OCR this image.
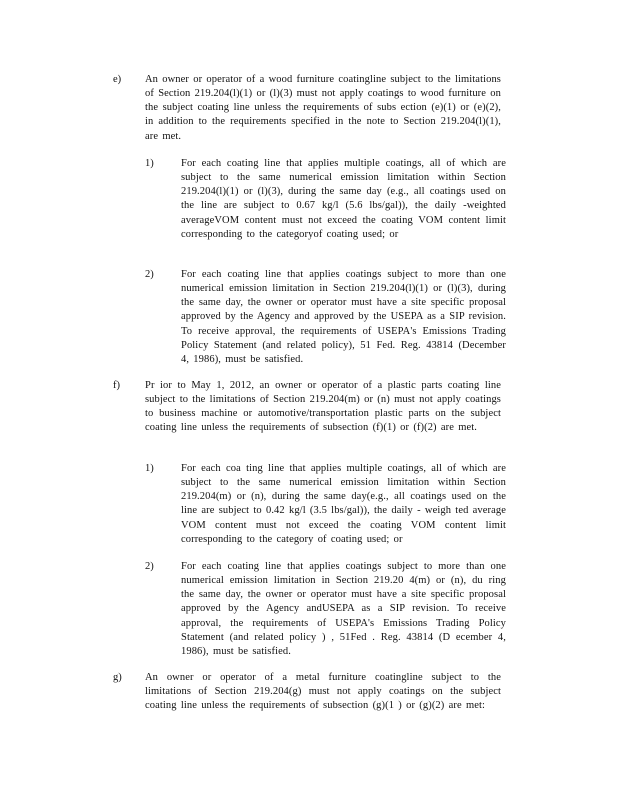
e) An owner or operator of a wood furniture coatingline subject to the limitations of Section 219.204(l)(1) or (l)(3) must not apply coatings to wood furniture on the subject coating line unless the requirements of subs ection (e)(1) or (e)(2), in addition to the requirements specified in the note to Section 219.204(l)(1), are met.
1)	For each coating line that applies multiple coatings, all of which are subject to the same numerical emission limitation within Section 219.204(l)(1) or (l)(3), during the same day (e.g., all coatings used on the line are subject to 0.67 kg/l (5.6 lbs/gal)), the daily -weighted averageVOM content must not exceed the coating VOM content limit corresponding to the categoryof coating used; or
2)	For each coating line that applies coatings subject to more than one numerical emission limitation in Section 219.204(l)(1) or (l)(3), during the same day, the owner or operator must have a site specific proposal approved by the Agency and approved by the USEPA as a SIP revision. To receive approval, the requirements of USEPA's Emissions Trading Policy Statement (and related policy), 51 Fed. Reg. 43814 (December 4, 1986), must be satisfied.
f) Pr ior to May 1, 2012, an owner or operator of a plastic parts coating line subject to the limitations of Section 219.204(m) or (n) must not apply coatings to business machine or automotive/transportation plastic parts on the subject coating line unless the requirements of subsection (f)(1) or (f)(2) are met.
1)	For each coa ting line that applies multiple coatings, all of which are subject to the same numerical emission limitation within Section 219.204(m) or (n), during the same day(e.g., all coatings used on the line are subject to 0.42 kg/l (3.5 lbs/gal)), the daily - weigh ted average VOM content must not exceed the coating VOM content limit corresponding to the category of coating used; or
2)	For each coating line that applies coatings subject to more than one numerical emission limitation in Section 219.20 4(m) or (n), du ring the same day, the owner or operator must have a site specific proposal approved by the Agency andUSEPA as a SIP revision. To receive approval, the requirements of USEPA's Emissions Trading Policy Statement (and related policy ) , 51Fed . Reg. 43814 (D ecember 4, 1986), must be satisfied.
g) An owner or operator of a metal furniture coatingline subject to the limitations of Section 219.204(g) must not apply coatings on the subject coating line unless the requirements of subsection (g)(1 ) or (g)(2) are met:
